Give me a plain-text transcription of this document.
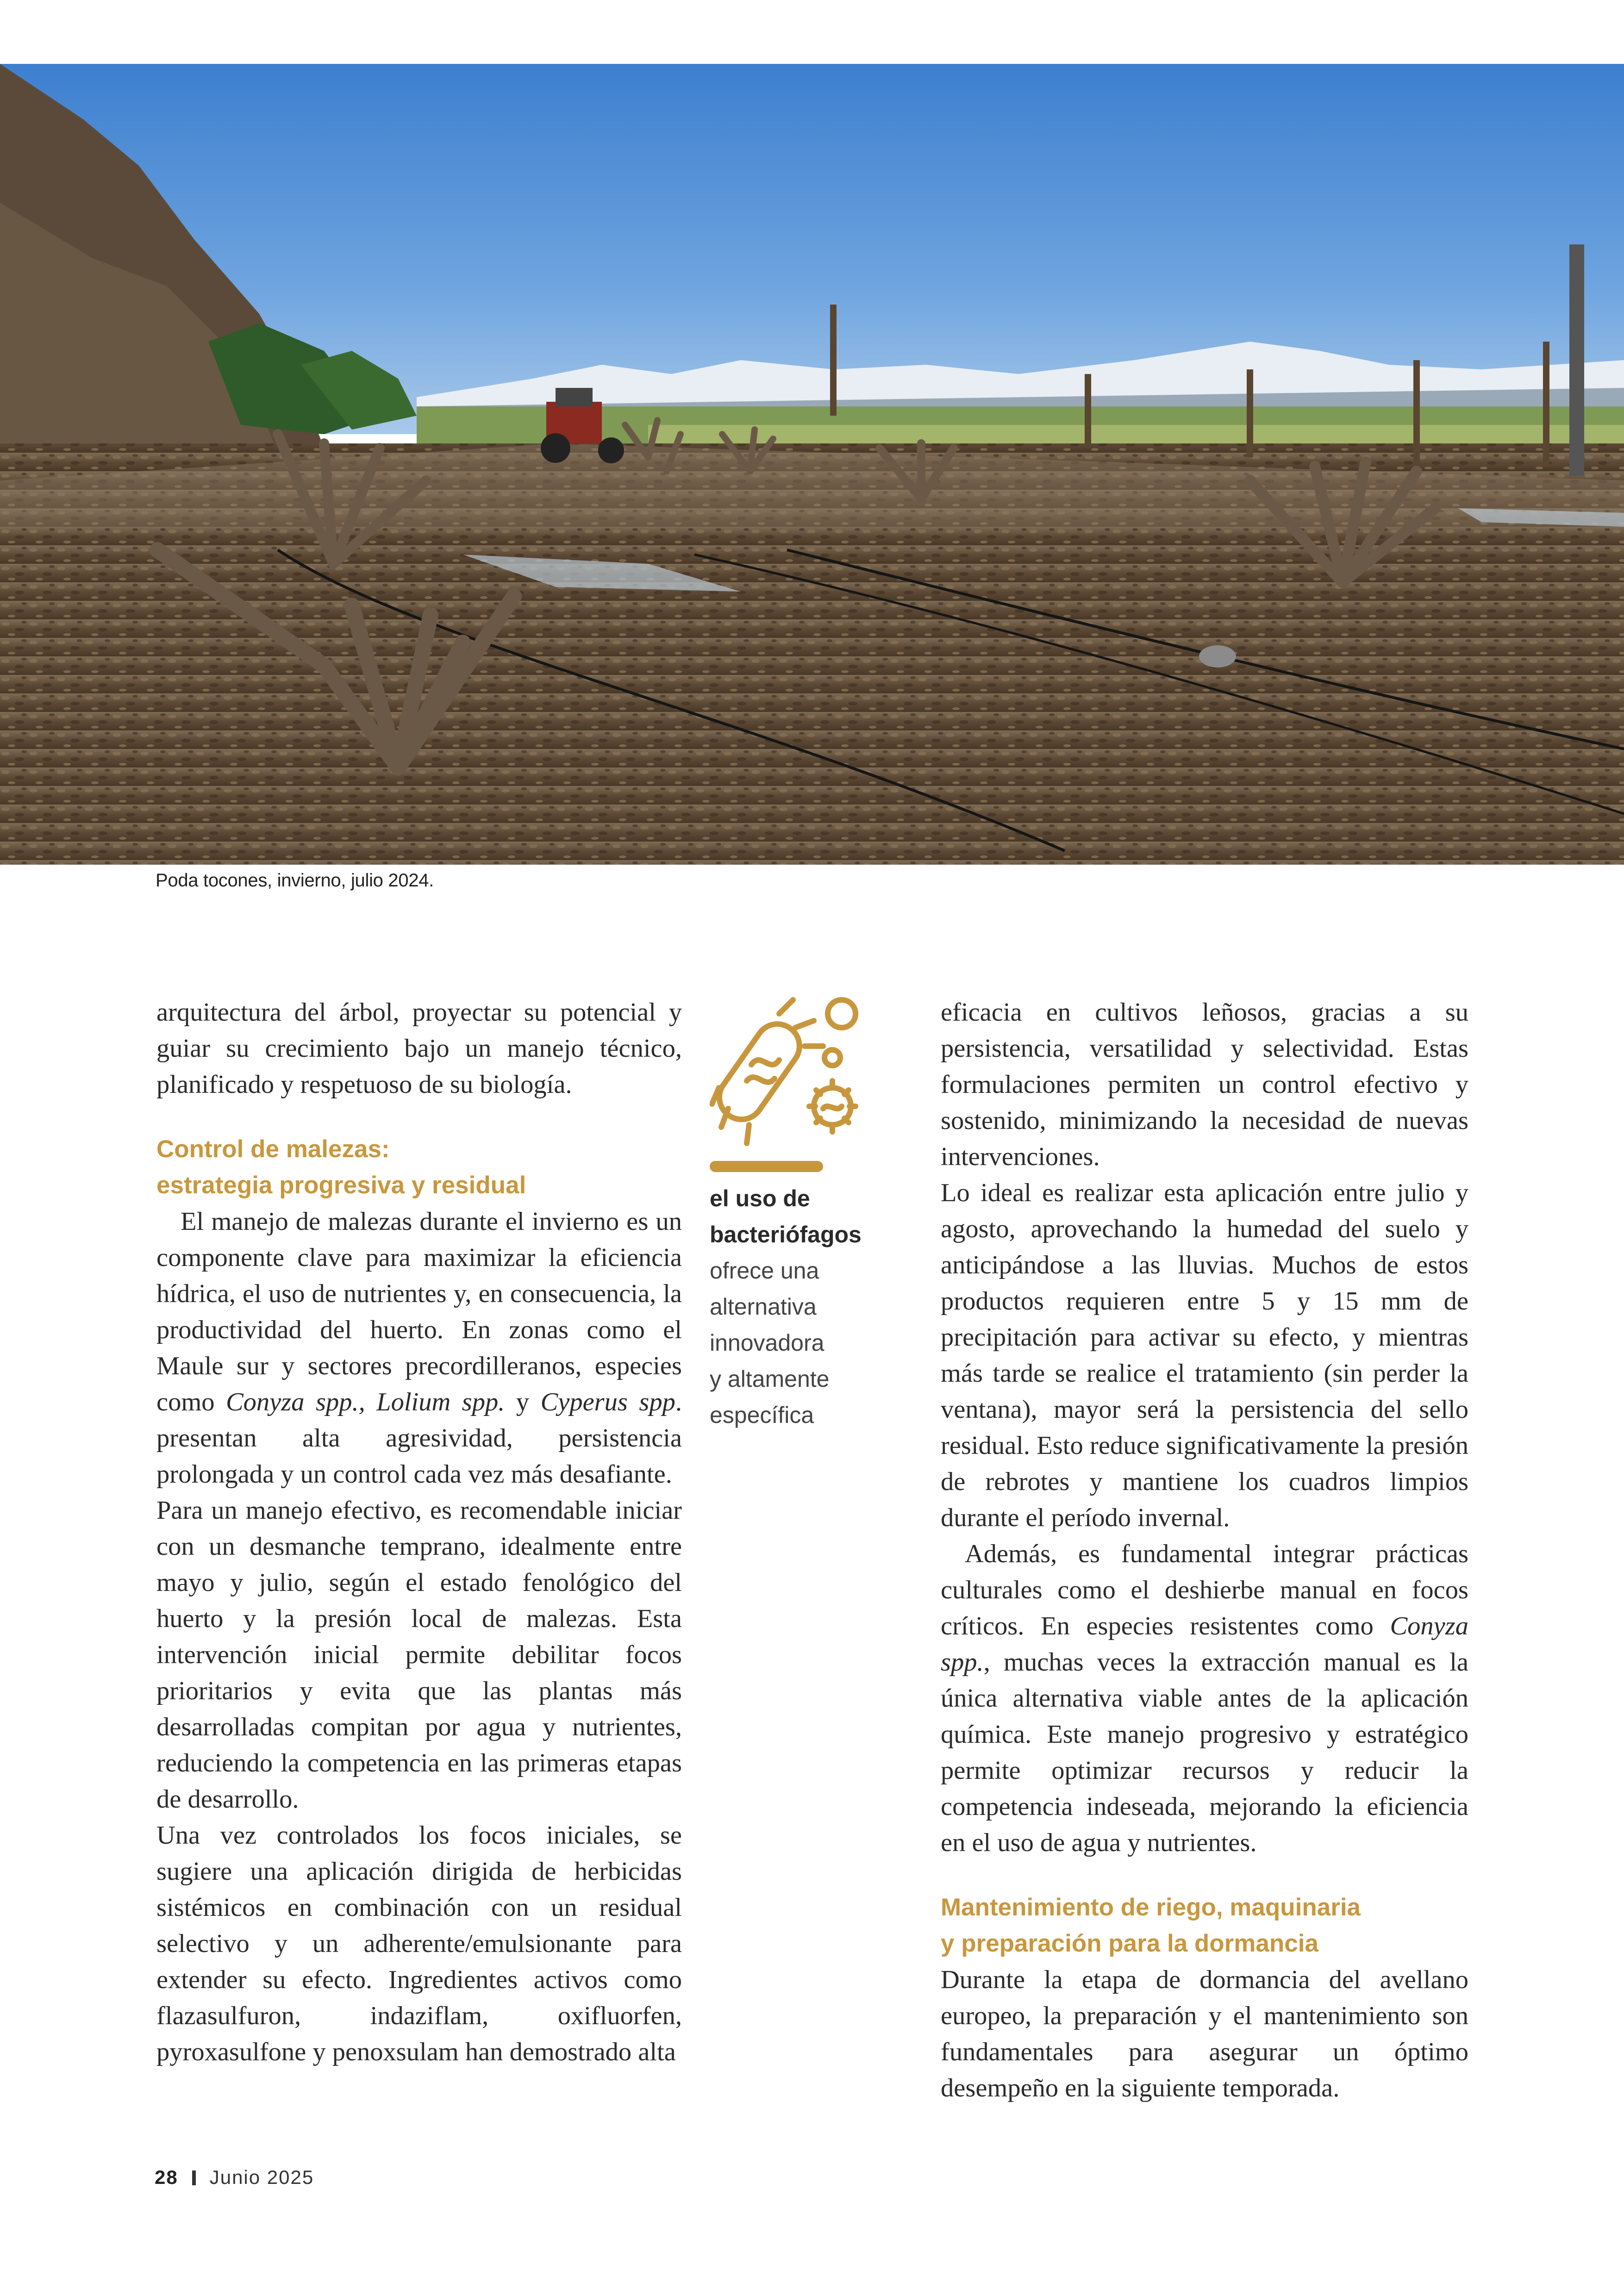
Poda tocones, invierno, julio 2024.

arquitectura del árbol, proyectar su potencial y guiar su crecimiento bajo un manejo técnico, planificado y respetuoso de su biología.

Control de malezas:
estrategia progresiva y residual

El manejo de malezas durante el invierno es un componente clave para maximizar la eficiencia hídrica, el uso de nutrientes y, en consecuencia, la productividad del huerto. En zonas como el Maule sur y sectores precordilleranos, especies como Conyza spp., Lolium spp. y Cyperus spp. presentan alta agresividad, persistencia prolongada y un control cada vez más desafiante.

Para un manejo efectivo, es recomendable iniciar con un desmanche temprano, idealmente entre mayo y julio, según el estado fenológico del huerto y la presión local de malezas. Esta intervención inicial permite debilitar focos prioritarios y evita que las plantas más desarrolladas compitan por agua y nutrientes, reduciendo la competencia en las primeras etapas de desarrollo.

Una vez controlados los focos iniciales, se sugiere una aplicación dirigida de herbicidas sistémicos en combinación con un residual selectivo y un adherente/emulsionante para extender su efecto. Ingredientes activos como flazasulfuron, indaziflam, oxifluorfen, pyroxasulfone y penoxsulam han demostrado alta

el uso de bacteriófagos
ofrece una
alternativa
innovadora
y altamente
específica

eficacia en cultivos leñosos, gracias a su persistencia, versatilidad y selectividad. Estas formulaciones permiten un control efectivo y sostenido, minimizando la necesidad de nuevas intervenciones.

Lo ideal es realizar esta aplicación entre julio y agosto, aprovechando la humedad del suelo y anticipándose a las lluvias. Muchos de estos productos requieren entre 5 y 15 mm de precipitación para activar su efecto, y mientras más tarde se realice el tratamiento (sin perder la ventana), mayor será la persistencia del sello residual. Esto reduce significativamente la presión de rebrotes y mantiene los cuadros limpios durante el período invernal.

Además, es fundamental integrar prácticas culturales como el deshierbe manual en focos críticos. En especies resistentes como Conyza spp., muchas veces la extracción manual es la única alternativa viable antes de la aplicación química. Este manejo progresivo y estratégico permite optimizar recursos y reducir la competencia indeseada, mejorando la eficiencia en el uso de agua y nutrientes.

Mantenimiento de riego, maquinaria
y preparación para la dormancia

Durante la etapa de dormancia del avellano europeo, la preparación y el mantenimiento son fundamentales para asegurar un óptimo desempeño en la siguiente temporada.

28 Junio 2025
